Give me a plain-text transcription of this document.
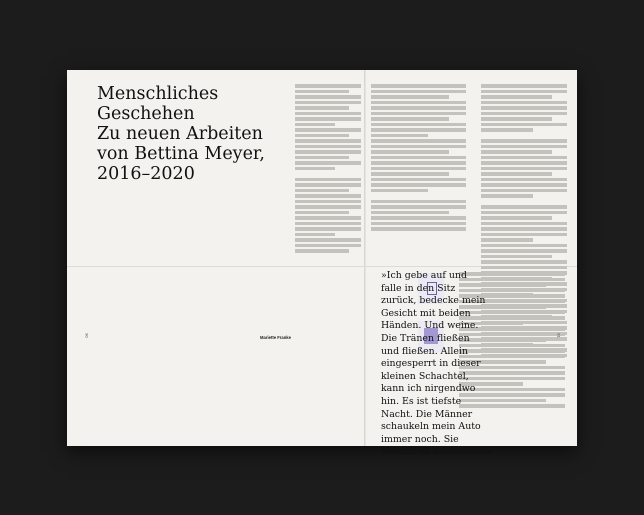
Menschliches
Geschehen
Zu neuen Arbeiten
von Bettina Meyer,
2016–2020
Mariette Franke
90	91
»Ich gebe auf und
falle in den Sitz
zurück, bedecke mein
Gesicht mit beiden
Händen. Und weine.
Die Tränen fließen
und fließen. Allein
eingesperrt in dieser
kleinen Schachtel,
kann ich nirgendwo
hin. Es ist tiefste
Nacht. Die Männer
schaukeln mein Auto
immer noch. Sie
werden es umstürzen.«
